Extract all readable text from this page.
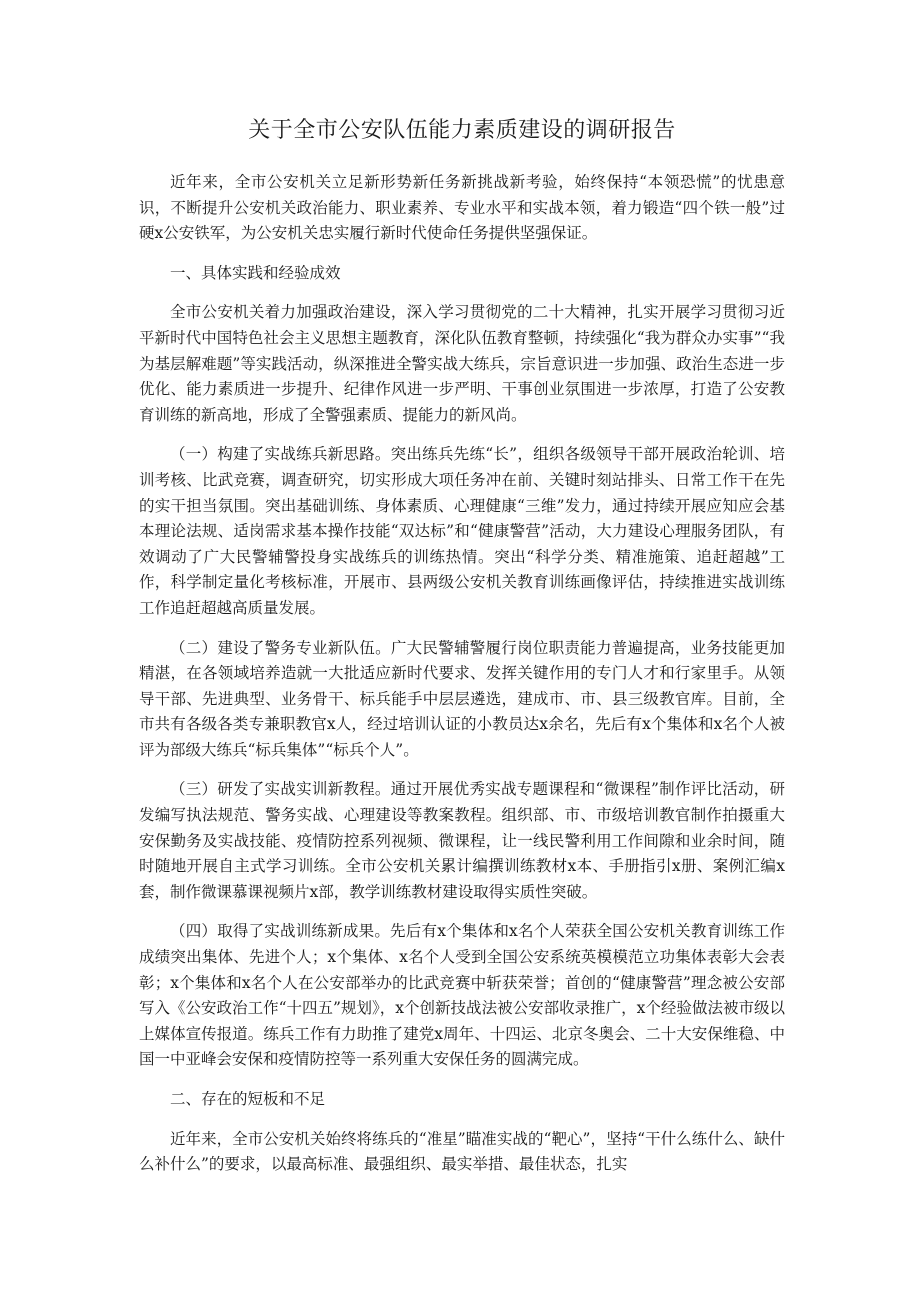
关于全市公安队伍能力素质建设的调研报告

近年来，全市公安机关立足新形势新任务新挑战新考验，始终保持“本领恐慌”的忧患意识，不断提升公安机关政治能力、职业素养、专业水平和实战本领，着力锻造“四个铁一般”过硬x公安铁军，为公安机关忠实履行新时代使命任务提供坚强保证。

一、具体实践和经验成效

全市公安机关着力加强政治建设，深入学习贯彻党的二十大精神，扎实开展学习贯彻习近平新时代中国特色社会主义思想主题教育，深化队伍教育整顿，持续强化“我为群众办实事”“我为基层解难题”等实践活动，纵深推进全警实战大练兵，宗旨意识进一步加强、政治生态进一步优化、能力素质进一步提升、纪律作风进一步严明、干事创业氛围进一步浓厚，打造了公安教育训练的新高地，形成了全警强素质、提能力的新风尚。

（一）构建了实战练兵新思路。突出练兵先练“长”，组织各级领导干部开展政治轮训、培训考核、比武竞赛，调查研究，切实形成大项任务冲在前、关键时刻站排头、日常工作干在先的实干担当氛围。突出基础训练、身体素质、心理健康“三维”发力，通过持续开展应知应会基本理论法规、适岗需求基本操作技能“双达标”和“健康警营”活动，大力建设心理服务团队，有效调动了广大民警辅警投身实战练兵的训练热情。突出“科学分类、精准施策、追赶超越”工作，科学制定量化考核标准，开展市、县两级公安机关教育训练画像评估，持续推进实战训练工作追赶超越高质量发展。

（二）建设了警务专业新队伍。广大民警辅警履行岗位职责能力普遍提高，业务技能更加精湛，在各领域培养造就一大批适应新时代要求、发挥关键作用的专门人才和行家里手。从领导干部、先进典型、业务骨干、标兵能手中层层遴选，建成市、市、县三级教官库。目前，全市共有各级各类专兼职教官x人，经过培训认证的小教员达x余名，先后有x个集体和x名个人被评为部级大练兵“标兵集体”“标兵个人”。

（三）研发了实战实训新教程。通过开展优秀实战专题课程和“微课程”制作评比活动，研发编写执法规范、警务实战、心理建设等教案教程。组织部、市、市级培训教官制作拍摄重大安保勤务及实战技能、疫情防控系列视频、微课程，让一线民警利用工作间隙和业余时间，随时随地开展自主式学习训练。全市公安机关累计编撰训练教材x本、手册指引x册、案例汇编x套，制作微课慕课视频片x部，教学训练教材建设取得实质性突破。

（四）取得了实战训练新成果。先后有x个集体和x名个人荣获全国公安机关教育训练工作成绩突出集体、先进个人；x个集体、x名个人受到全国公安系统英模模范立功集体表彰大会表彰；x个集体和x名个人在公安部举办的比武竞赛中斩获荣誉；首创的“健康警营”理念被公安部写入《公安政治工作“十四五”规划》，x个创新技战法被公安部收录推广，x个经验做法被市级以上媒体宣传报道。练兵工作有力助推了建党x周年、十四运、北京冬奥会、二十大安保维稳、中国一中亚峰会安保和疫情防控等一系列重大安保任务的圆满完成。

二、存在的短板和不足

近年来，全市公安机关始终将练兵的“准星”瞄准实战的“靶心”，坚持“干什么练什么、缺什么补什么”的要求，以最高标准、最强组织、最实举措、最佳状态，扎实
